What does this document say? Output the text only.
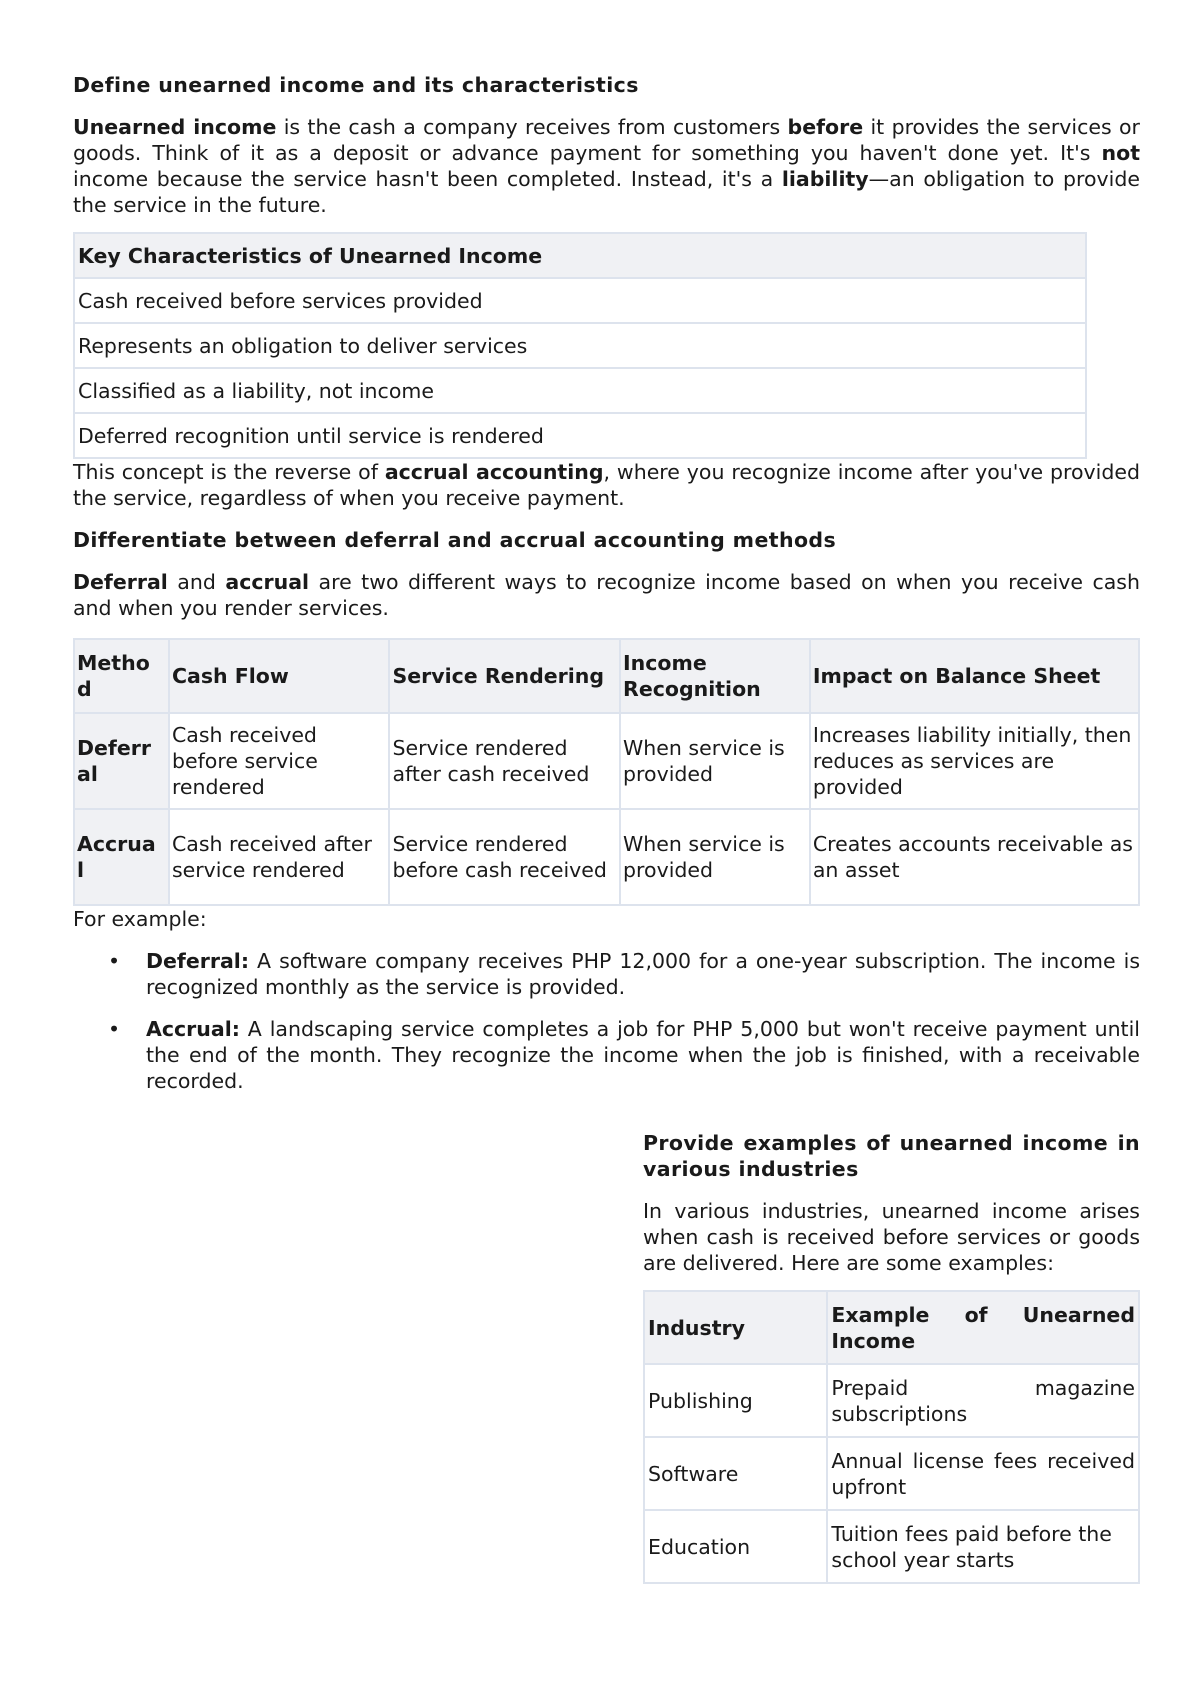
Define unearned income and its characteristics

Unearned income is the cash a company receives from customers before it provides the services or goods. Think of it as a deposit or advance payment for something you haven't done yet. It's not income because the service hasn't been completed. Instead, it's a liability—an obligation to provide the service in the future.

Key Characteristics of Unearned Income
Cash received before services provided
Represents an obligation to deliver services
Classified as a liability, not income
Deferred recognition until service is rendered

This concept is the reverse of accrual accounting, where you recognize income after you've provided the service, regardless of when you receive payment.

Differentiate between deferral and accrual accounting methods

Deferral and accrual are two different ways to recognize income based on when you receive cash and when you render services.

Metho d	Cash Flow	Service Rendering	Income Recognition	Impact on Balance Sheet
Deferr al	Cash received before service rendered	Service rendered after cash received	When service is provided	Increases liability initially, then reduces as services are provided
Accrua l	Cash received after service rendered	Service rendered before cash received	When service is provided	Creates accounts receivable as an asset

For example:

• Deferral: A software company receives PHP 12,000 for a one-year subscription. The income is recognized monthly as the service is provided.
• Accrual: A landscaping service completes a job for PHP 5,000 but won't receive payment until the end of the month. They recognize the income when the job is finished, with a receivable recorded.
Provide examples of unearned income in various industries

In various industries, unearned income arises when cash is received before services or goods are delivered. Here are some examples:

Industry	Example of Unearned Income
Publishing	Prepaid magazine subscriptions
Software	Annual license fees received upfront
Education	Tuition fees paid before the school year starts
